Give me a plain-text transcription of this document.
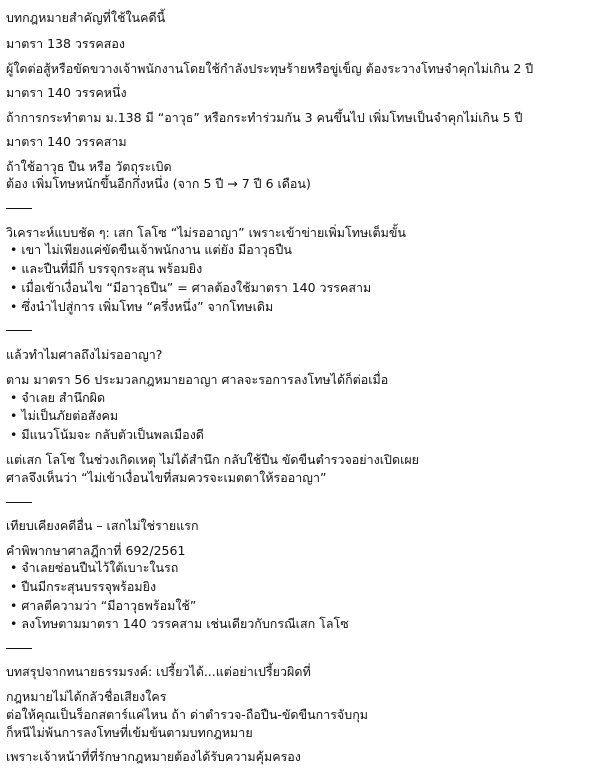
บทกฎหมายสำคัญที่ใช้ในคดีนี้
มาตรา 138 วรรคสอง
ผู้ใดต่อสู้หรือขัดขวางเจ้าพนักงานโดยใช้กำลังประทุษร้ายหรือขู่เข็ญ ต้องระวางโทษจำคุกไม่เกิน 2 ปี
มาตรา 140 วรรคหนึ่ง
ถ้าการกระทำตาม ม.138 มี “อาวุธ” หรือกระทำร่วมกัน 3 คนขึ้นไป เพิ่มโทษเป็นจำคุกไม่เกิน 5 ปี
มาตรา 140 วรรคสาม
ถ้าใช้อาวุธ ปืน หรือ วัตถุระเบิด
ต้อง เพิ่มโทษหนักขึ้นอีกกึ่งหนึ่ง (จาก 5 ปี → 7 ปี 6 เดือน)
วิเคราะห์แบบชัด ๆ: เสก โลโซ “ไม่รออาญา” เพราะเข้าข่ายเพิ่มโทษเต็มขั้น
• เขา ไม่เพียงแค่ขัดขืนเจ้าพนักงาน แต่ยัง มีอาวุธปืน
• และปืนที่มีก็ บรรจุกระสุน พร้อมยิง
• เมื่อเข้าเงื่อนไข “มีอาวุธปืน” = ศาลต้องใช้มาตรา 140 วรรคสาม
• ซึ่งนำไปสู่การ เพิ่มโทษ “ครึ่งหนึ่ง” จากโทษเดิม
แล้วทำไมศาลถึงไม่รออาญา?
ตาม มาตรา 56 ประมวลกฎหมายอาญา ศาลจะรอการลงโทษได้ก็ต่อเมื่อ
• จำเลย สำนึกผิด
• ไม่เป็นภัยต่อสังคม
• มีแนวโน้มจะ กลับตัวเป็นพลเมืองดี
แต่เสก โลโซ ในช่วงเกิดเหตุ ไม่ได้สำนึก กลับใช้ปืน ขัดขืนตำรวจอย่างเปิดเผย
ศาลจึงเห็นว่า “ไม่เข้าเงื่อนไขที่สมควรจะเมตตาให้รออาญา”
เทียบเคียงคดีอื่น – เสกไม่ใช่รายแรก
คำพิพากษาศาลฎีกาที่ 692/2561
• จำเลยซ่อนปืนไว้ใต้เบาะในรถ
• ปืนมีกระสุนบรรจุพร้อมยิง
• ศาลตีความว่า “มีอาวุธพร้อมใช้”
• ลงโทษตามมาตรา 140 วรรคสาม เช่นเดียวกับกรณีเสก โลโซ
บทสรุปจากทนายธรรมรงค์: เปรี้ยวได้...แต่อย่าเปรี้ยวผิดที่
กฎหมายไม่ได้กลัวชื่อเสียงใคร
ต่อให้คุณเป็นร็อกสตาร์แค่ไหน ถ้า ด่าตำรวจ-ถือปืน-ขัดขืนการจับกุม
ก็หนีไม่พ้นการลงโทษที่เข้มข้นตามบทกฎหมาย
เพราะเจ้าหน้าที่ที่รักษากฎหมายต้องได้รับความคุ้มครอง
